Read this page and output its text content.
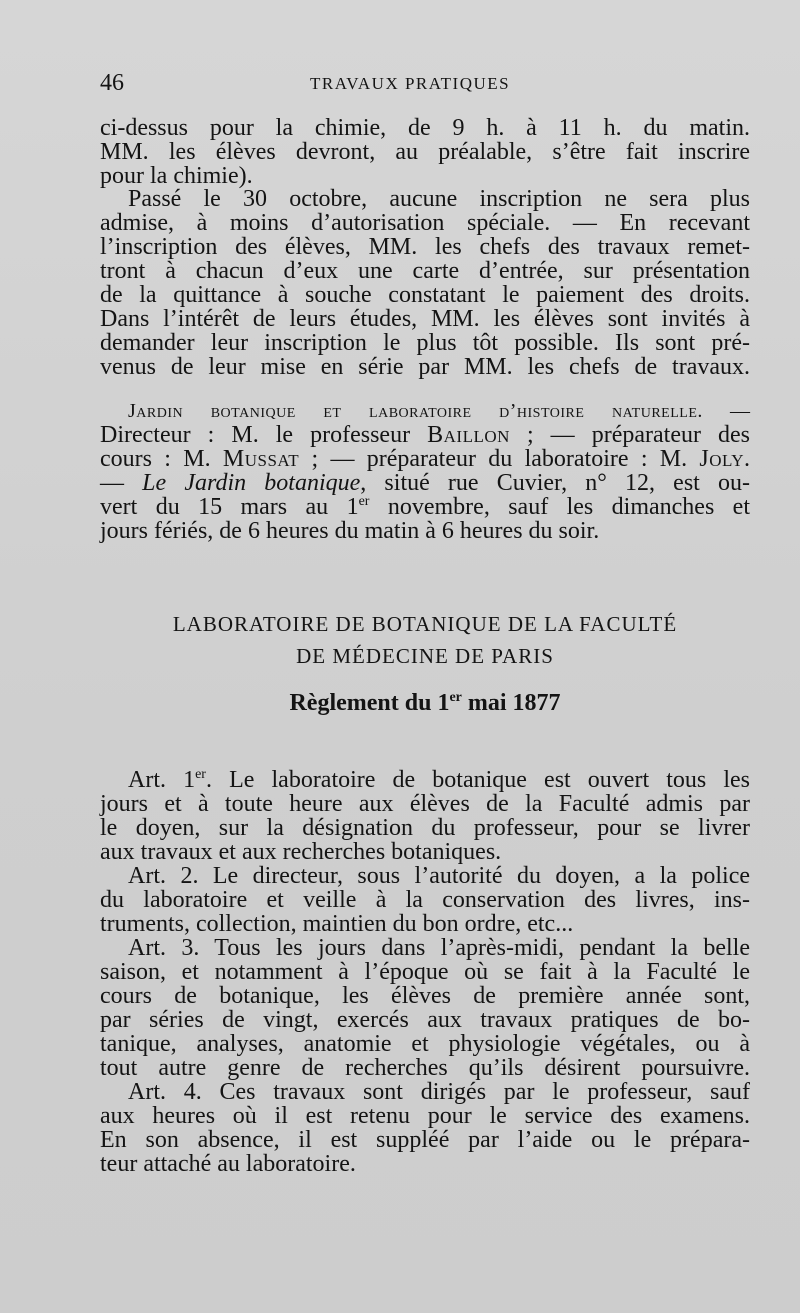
46	TRAVAUX PRATIQUES
ci-dessus pour la chimie, de 9 h. à 11 h. du matin.
MM. les élèves devront, au préalable, s’être fait inscrire
pour la chimie).
Passé le 30 octobre, aucune inscription ne sera plus
admise, à moins d’autorisation spéciale. — En recevant
l’inscription des élèves, MM. les chefs des travaux remet-
tront à chacun d’eux une carte d’entrée, sur présentation
de la quittance à souche constatant le paiement des droits.
Dans l’intérêt de leurs études, MM. les élèves sont invités à
demander leur inscription le plus tôt possible. Ils sont pré-
venus de leur mise en série par MM. les chefs de travaux.
Jardin botanique et laboratoire d’histoire naturelle. —
Directeur : M. le professeur Baillon ; — préparateur des
cours : M. Mussat ; — préparateur du laboratoire : M. Joly.
— Le Jardin botanique, situé rue Cuvier, n° 12, est ou-
vert du 15 mars au 1er novembre, sauf les dimanches et
jours fériés, de 6 heures du matin à 6 heures du soir.
LABORATOIRE DE BOTANIQUE DE LA FACULTÉ
DE MÉDECINE DE PARIS
Règlement du 1er mai 1877
Art. 1er. Le laboratoire de botanique est ouvert tous les
jours et à toute heure aux élèves de la Faculté admis par
le doyen, sur la désignation du professeur, pour se livrer
aux travaux et aux recherches botaniques.
Art. 2. Le directeur, sous l’autorité du doyen, a la police
du laboratoire et veille à la conservation des livres, ins-
truments, collection, maintien du bon ordre, etc...
Art. 3. Tous les jours dans l’après-midi, pendant la belle
saison, et notamment à l’époque où se fait à la Faculté le
cours de botanique, les élèves de première année sont,
par séries de vingt, exercés aux travaux pratiques de bo-
tanique, analyses, anatomie et physiologie végétales, ou à
tout autre genre de recherches qu’ils désirent poursuivre.
Art. 4. Ces travaux sont dirigés par le professeur, sauf
aux heures où il est retenu pour le service des examens.
En son absence, il est suppléé par l’aide ou le prépara-
teur attaché au laboratoire.
